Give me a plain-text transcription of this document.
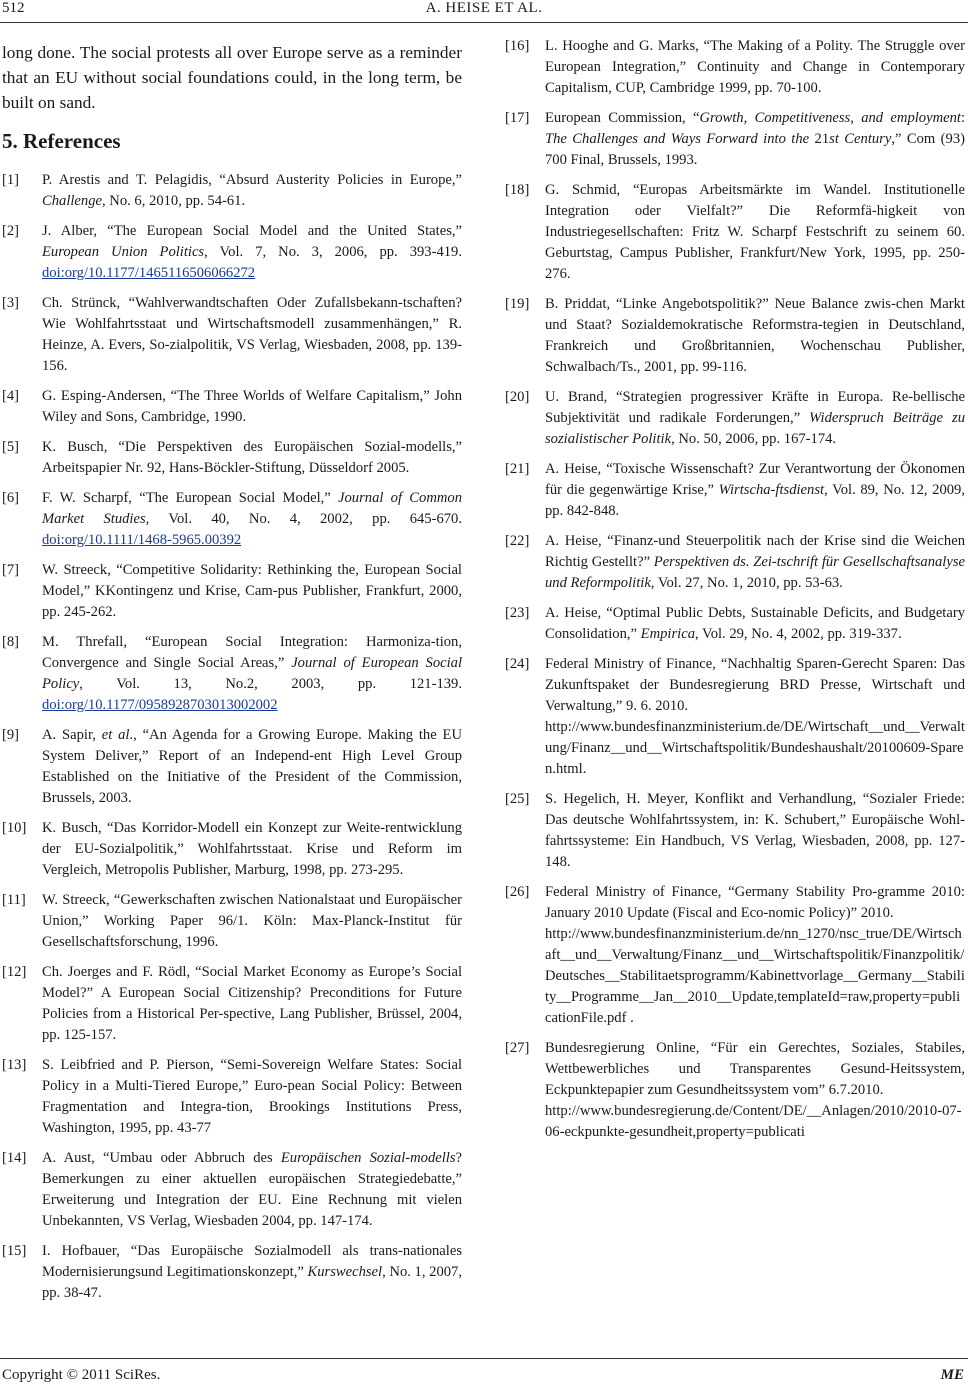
512	A. HEISE ET AL.

long done. The social protests all over Europe serve as a reminder that an EU without social foundations could, in the long term, be built on sand.

5. References
[1] P. Arestis and T. Pelagidis, “Absurd Austerity Policies in Europe,” Challenge, No. 6, 2010, pp. 54-61.
[2] J. Alber, “The European Social Model and the United States,” European Union Politics, Vol. 7, No. 3, 2006, pp. 393-419. doi:org/10.1177/1465116506066272
[3] Ch. Strünck, “Wahlverwandtschaften Oder Zufallsbekann-tschaften? Wie Wohlfahrtsstaat und Wirtschaftsmodell zusammenhängen,” R. Heinze, A. Evers, So-zialpolitik, VS Verlag, Wiesbaden, 2008, pp. 139-156.
[4] G. Esping-Andersen, “The Three Worlds of Welfare Capitalism,” John Wiley and Sons, Cambridge, 1990.
[5] K. Busch, “Die Perspektiven des Europäischen Sozial-modells,” Arbeitspapier Nr. 92, Hans-Böckler-Stiftung, Düsseldorf 2005.
[6] F. W. Scharpf, “The European Social Model,” Journal of Common Market Studies, Vol. 40, No. 4, 2002, pp. 645-670. doi:org/10.1111/1468-5965.00392
[7] W. Streeck, “Competitive Solidarity: Rethinking the, European Social Model,” KKontingenz und Krise, Cam-pus Publisher, Frankfurt, 2000, pp. 245-262.
[8] M. Threfall, “European Social Integration: Harmoniza-tion, Convergence and Single Social Areas,” Journal of European Social Policy, Vol. 13, No.2, 2003, pp. 121-139. doi:org/10.1177/0958928703013002002
[9] A. Sapir, et al., “An Agenda for a Growing Europe. Making the EU System Deliver,” Report of an Independ-ent High Level Group Established on the Initiative of the President of the Commission, Brussels, 2003.
[10] K. Busch, “Das Korridor-Modell ein Konzept zur Weite-rentwicklung der EU-Sozialpolitik,” Wohlfahrtsstaat. Krise und Reform im Vergleich, Metropolis Publisher, Marburg, 1998, pp. 273-295.
[11] W. Streeck, “Gewerkschaften zwischen Nationalstaat und Europäischer Union,” Working Paper 96/1. Köln: Max-Planck-Institut für Gesellschaftsforschung, 1996.
[12] Ch. Joerges and F. Rödl, “Social Market Economy as Europe’s Social Model?” A European Social Citizenship? Preconditions for Future Policies from a Historical Per-spective, Lang Publisher, Brüssel, 2004, pp. 125-157.
[13] S. Leibfried and P. Pierson, “Semi-Sovereign Welfare States: Social Policy in a Multi-Tiered Europe,” Euro-pean Social Policy: Between Fragmentation and Integra-tion, Brookings Institutions Press, Washington, 1995, pp. 43-77
[14] A. Aust, “Umbau oder Abbruch des Europäischen Sozial-modells? Bemerkungen zu einer aktuellen europäischen Strategiedebatte,” Erweiterung und Integration der EU. Eine Rechnung mit vielen Unbekannten, VS Verlag, Wiesbaden 2004, pp. 147-174.
[15] I. Hofbauer, “Das Europäische Sozialmodell als trans-nationales Modernisierungsund Legitimationskonzept,” Kurswechsel, No. 1, 2007, pp. 38-47.
[16] L. Hooghe and G. Marks, “The Making of a Polity. The Struggle over European Integration,” Continuity and Change in Contemporary Capitalism, CUP, Cambridge 1999, pp. 70-100.
[17] European Commission, “Growth, Competitiveness, and employment: The Challenges and Ways Forward into the 21st Century,” Com (93) 700 Final, Brussels, 1993.
[18] G. Schmid, “Europas Arbeitsmärkte im Wandel. Institutionelle Integration oder Vielfalt?” Die Reformfä-higkeit von Industriegesellschaften: Fritz W. Scharpf Festschrift zu seinem 60. Geburtstag, Campus Publisher, Frankfurt/New York, 1995, pp. 250-276.
[19] B. Priddat, “Linke Angebotspolitik?” Neue Balance zwis-chen Markt und Staat? Sozialdemokratische Reformstra-tegien in Deutschland, Frankreich und Großbritannien, Wochenschau Publisher, Schwalbach/Ts., 2001, pp. 99-116.
[20] U. Brand, “Strategien progressiver Kräfte in Europa. Re-bellische Subjektivität und radikale Forderungen,” Widerspruch Beiträge zu sozialistischer Politik, No. 50, 2006, pp. 167-174.
[21] A. Heise, “Toxische Wissenschaft? Zur Verantwortung der Ökonomen für die gegenwärtige Krise,” Wirtscha-ftsdienst, Vol. 89, No. 12, 2009, pp. 842-848.
[22] A. Heise, “Finanz-und Steuerpolitik nach der Krise sind die Weichen Richtig Gestellt?” Perspektiven ds. Zei-tschrift für Gesellschaftsanalyse und Reformpolitik, Vol. 27, No. 1, 2010, pp. 53-63.
[23] A. Heise, “Optimal Public Debts, Sustainable Deficits, and Budgetary Consolidation,” Empirica, Vol. 29, No. 4, 2002, pp. 319-337.
[24] Federal Ministry of Finance, “Nachhaltig Sparen-Gerecht Sparen: Das Zukunftspaket der Bundesregierung BRD Presse, Wirtschaft und Verwaltung,” 9. 6. 2010.
http://www.bundesfinanzministerium.de/DE/Wirtschaft__und__Verwaltung/Finanz__und__Wirtschaftspolitik/Bundeshaushalt/20100609-Sparen.html.
[25] S. Hegelich, H. Meyer, Konflikt and Verhandlung, “Sozialer Friede: Das deutsche Wohlfahrtssystem, in: K. Schubert,” Europäische Wohl-fahrtssysteme: Ein Handbuch, VS Verlag, Wiesbaden, 2008, pp. 127-148.
[26] Federal Ministry of Finance, “Germany Stability Pro-gramme 2010: January 2010 Update (Fiscal and Eco-nomic Policy)” 2010.
http://www.bundesfinanzministerium.de/nn_1270/nsc_true/DE/Wirtschaft__und__Verwaltung/Finanz__und__Wirtschaftspolitik/Finanzpolitik/Deutsches__Stabilitaetsprogramm/Kabinettvorlage__Germany__Stability__Programme__Jan__2010__Update,templateId=raw,property=publicationFile.pdf .
[27] Bundesregierung Online, “Für ein Gerechtes, Soziales, Stabiles, Wettbewerbliches und Transparentes Gesund-Heitssystem, Eckpunktepapier zum Gesundheitssystem vom” 6.7.2010.
http://www.bundesregierung.de/Content/DE/__Anlagen/2010/2010-07-06-eckpunkte-gesundheit,property=publicati
Copyright © 2011 SciRes.	ME
